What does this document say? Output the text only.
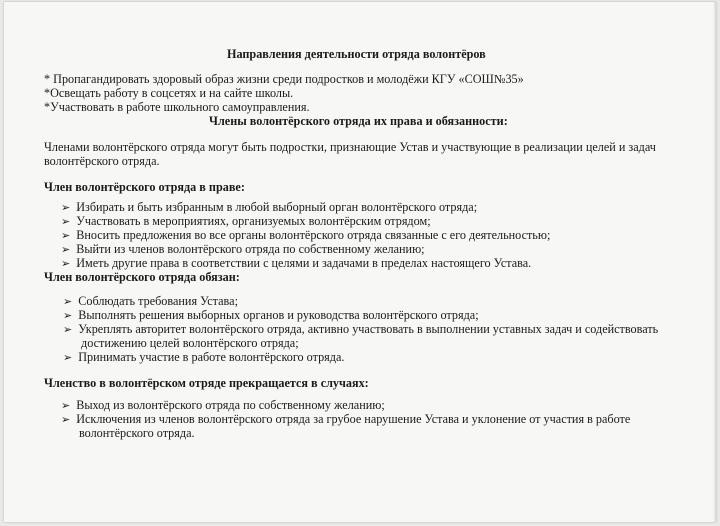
Направления деятельности отряда волонтёров
* Пропагандировать здоровый образ жизни среди подростков и молодёжи КГУ «СОШ№35»
*Освещать работу в соцсетях и на сайте школы.
*Участвовать в работе школьного самоуправления.
Члены волонтёрского отряда их права и обязанности:
Членами волонтёрского отряда могут быть подростки, признающие Устав и участвующие в реализации целей и задач
волонтёрского отряда.
Член волонтёрского отряда в праве:
➢ Избирать и быть избранным в любой выборный орган волонтёрского отряда;
➢ Участвовать в мероприятиях, организуемых волонтёрским отрядом;
➢ Вносить предложения во все органы волонтёрского отряда связанные с его деятельностью;
➢ Выйти из членов волонтёрского отряда по собственному желанию;
➢ Иметь другие права в соответствии с целями и задачами в пределах настоящего Устава.
Член волонтёрского отряда обязан:
➢ Соблюдать требования Устава;
➢ Выполнять решения выборных органов и руководства волонтёрского отряда;
➢ Укреплять авторитет волонтёрского отряда, активно участвовать в выполнении уставных задач и содействовать
достижению целей волонтёрского отряда;
➢ Принимать участие в работе волонтёрского отряда.
Членство в волонтёрском отряде прекращается в случаях:
➢ Выход из волонтёрского отряда по собственному желанию;
➢ Исключения из членов волонтёрского отряда за грубое нарушение Устава и уклонение от участия в работе
волонтёрского отряда.
